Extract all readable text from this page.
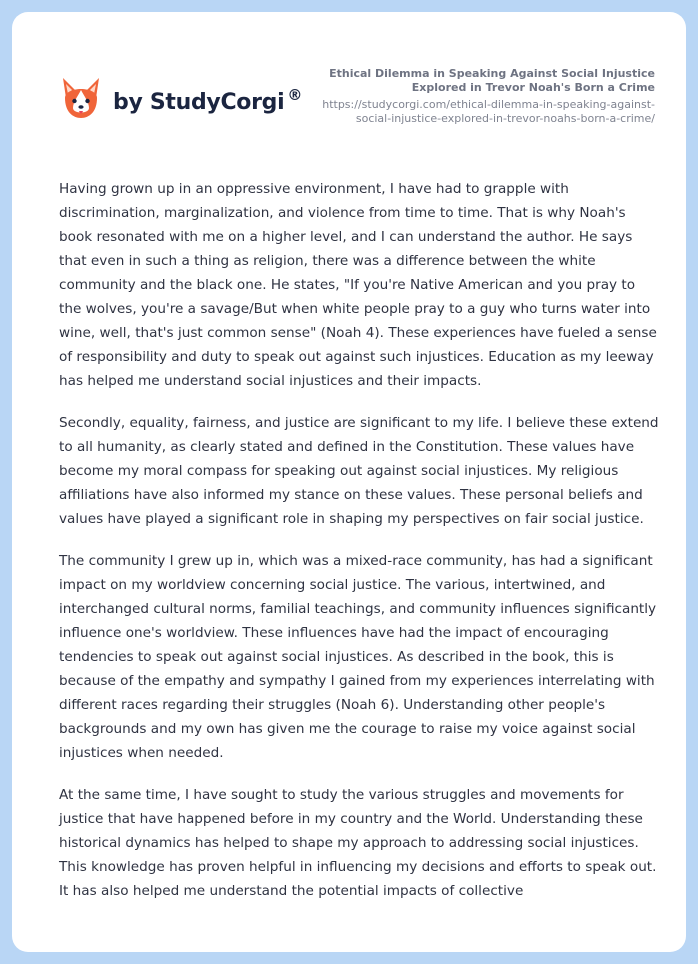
by StudyCorgi ®
Ethical Dilemma in Speaking Against Social Injustice
Explored in Trevor Noah's Born a Crime
https://studycorgi.com/ethical-dilemma-in-speaking-against-
social-injustice-explored-in-trevor-noahs-born-a-crime/

Having grown up in an oppressive environment, I have had to grapple with discrimination, marginalization, and violence from time to time. That is why Noah's book resonated with me on a higher level, and I can understand the author. He says that even in such a thing as religion, there was a difference between the white community and the black one. He states, "If you're Native American and you pray to the wolves, you're a savage/But when white people pray to a guy who turns water into wine, well, that's just common sense" (Noah 4). These experiences have fueled a sense of responsibility and duty to speak out against such injustices. Education as my leeway has helped me understand social injustices and their impacts.

Secondly, equality, fairness, and justice are significant to my life. I believe these extend to all humanity, as clearly stated and defined in the Constitution. These values have become my moral compass for speaking out against social injustices. My religious affiliations have also informed my stance on these values. These personal beliefs and values have played a significant role in shaping my perspectives on fair social justice.

The community I grew up in, which was a mixed-race community, has had a significant impact on my worldview concerning social justice. The various, intertwined, and interchanged cultural norms, familial teachings, and community influences significantly influence one's worldview. These influences have had the impact of encouraging tendencies to speak out against social injustices. As described in the book, this is because of the empathy and sympathy I gained from my experiences interrelating with different races regarding their struggles (Noah 6). Understanding other people's backgrounds and my own has given me the courage to raise my voice against social injustices when needed.

At the same time, I have sought to study the various struggles and movements for justice that have happened before in my country and the World. Understanding these historical dynamics has helped to shape my approach to addressing social injustices. This knowledge has proven helpful in influencing my decisions and efforts to speak out. It has also helped me understand the potential impacts of collective
